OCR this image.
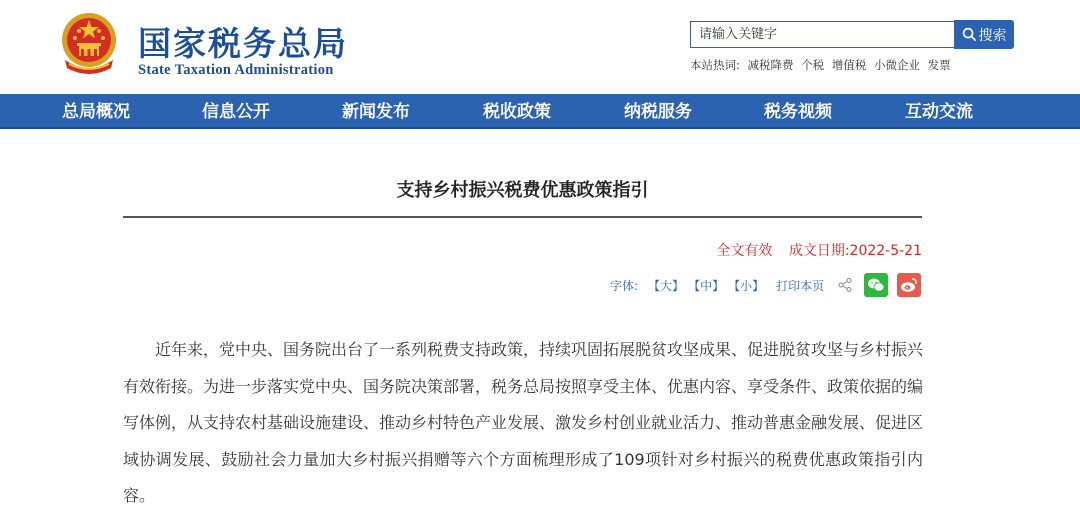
国家税务总局
State Taxation Administration
请输入关键字
搜索
本站热词: 减税降费 个税 增值税 小微企业 发票
总局概况	信息公开	新闻发布	税收政策	纳税服务	税务视频	互动交流
支持乡村振兴税费优惠政策指引
全文有效 成文日期:2022-5-21
字体: 【大】 【中】 【小】 打印本页
近年来，党中央、国务院出台了一系列税费支持政策，持续巩固拓展脱贫攻坚成果、促进脱贫攻坚与乡村振兴有效衔接。为进一步落实党中央、国务院决策部署，税务总局按照享受主体、优惠内容、享受条件、政策依据的编写体例，从支持农村基础设施建设、推动乡村特色产业发展、激发乡村创业就业活力、推动普惠金融发展、促进区域协调发展、鼓励社会力量加大乡村振兴捐赠等六个方面梳理形成了109项针对乡村振兴的税费优惠政策指引内容。
